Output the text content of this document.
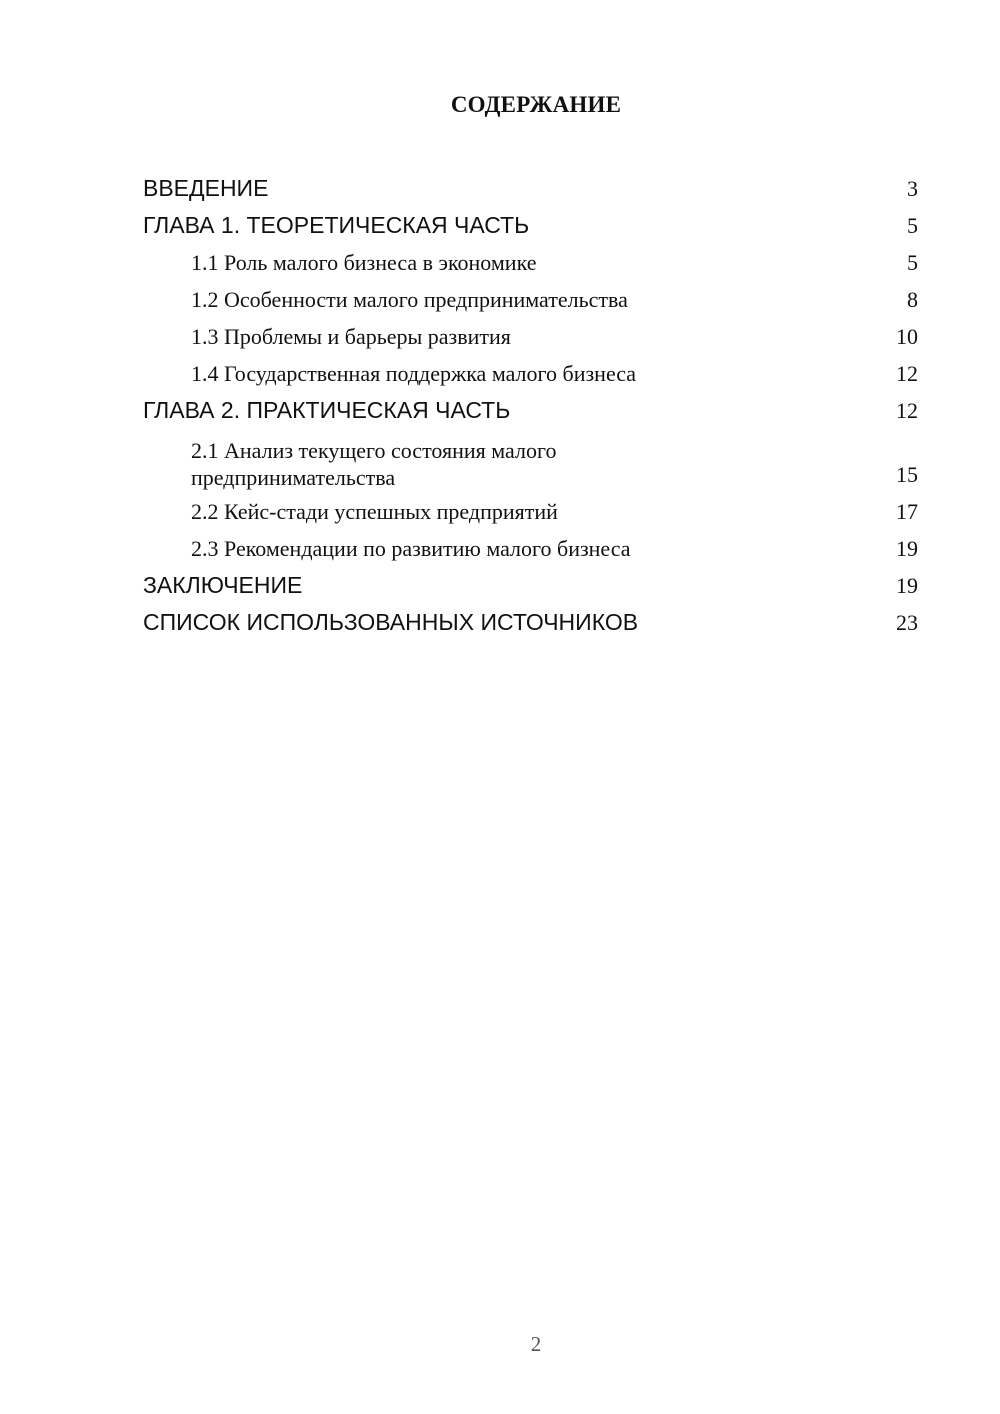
СОДЕРЖАНИЕ
ВВЕДЕНИЕ	3
ГЛАВА 1. ТЕОРЕТИЧЕСКАЯ ЧАСТЬ	5
1.1 Роль малого бизнеса в экономике	5
1.2 Особенности малого предпринимательства	8
1.3 Проблемы и барьеры развития	10
1.4 Государственная поддержка малого бизнеса	12
ГЛАВА 2. ПРАКТИЧЕСКАЯ ЧАСТЬ	12
2.1 Анализ текущего состояния малого предпринимательства	15
2.2 Кейс-стади успешных предприятий	17
2.3 Рекомендации по развитию малого бизнеса	19
ЗАКЛЮЧЕНИЕ	19
СПИСОК ИСПОЛЬЗОВАННЫХ ИСТОЧНИКОВ	23
2
